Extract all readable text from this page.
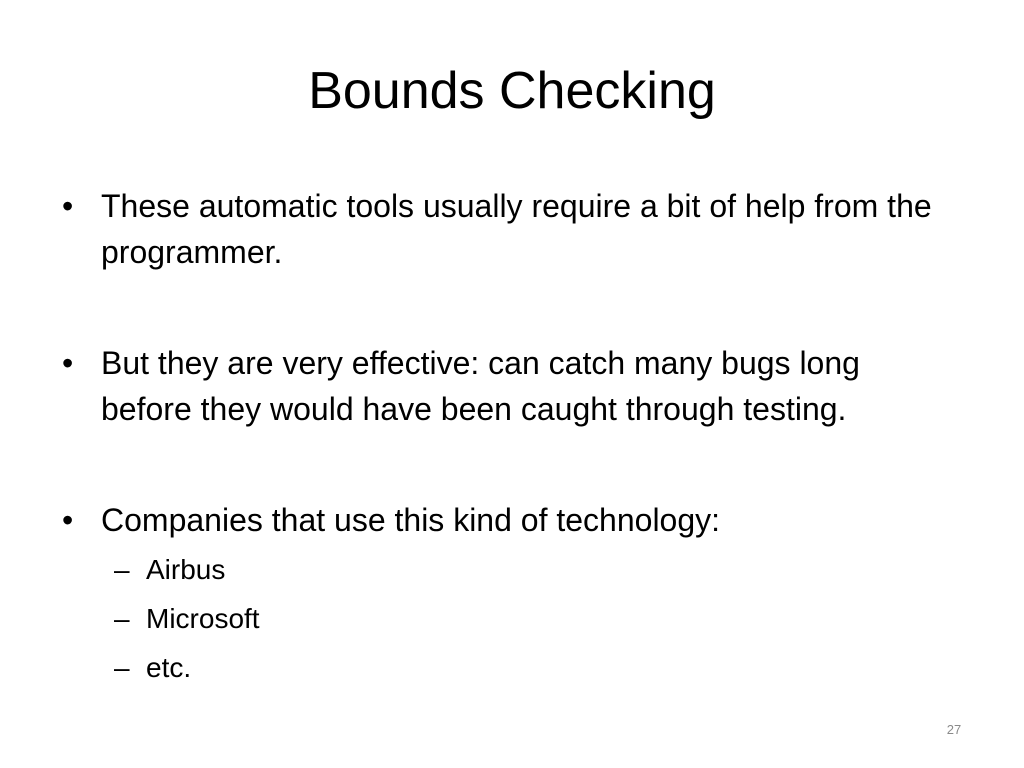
Bounds Checking

• These automatic tools usually require a bit of help from the programmer.

• But they are very effective: can catch many bugs long before they would have been caught through testing.

• Companies that use this kind of technology:

– Airbus
– Microsoft
– etc.
27
